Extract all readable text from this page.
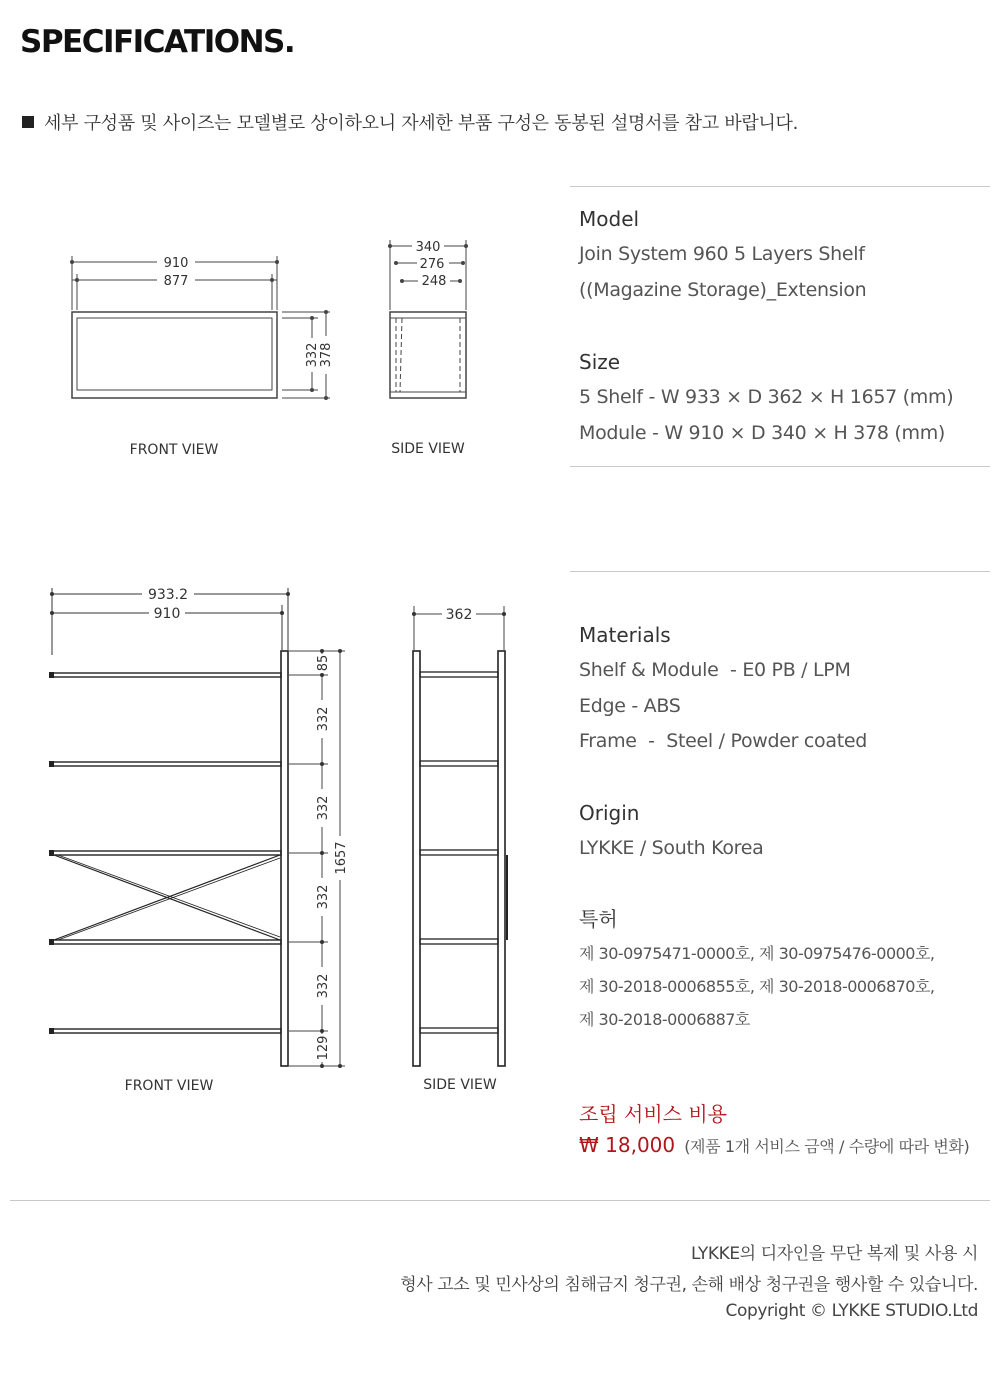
SPECIFICATIONS.
세부 구성품 및 사이즈는 모델별로 상이하오니 자세한 부품 구성은 동봉된 설명서를 참고 바랍니다.
910
877
332 378
340
276
248
FRONT VIEW	SIDE VIEW
933.2
910
85
332
332
332
332
129
1657
362
FRONT VIEW	SIDE VIEW
Model
Join System 960 5 Layers Shelf
((Magazine Storage)_Extension
Size
5 Shelf - W 933 × D 362 × H 1657 (mm)
Module - W 910 × D 340 × H 378 (mm)
Materials
Shelf & Module  - E0 PB / LPM
Edge - ABS
Frame  -  Steel / Powder coated
Origin
LYKKE / South Korea
특허
제 30-0975471-0000호, 제 30-0975476-0000호,
제 30-2018-0006855호, 제 30-2018-0006870호,
제 30-2018-0006887호
조립 서비스 비용
₩ 18,000 (제품 1개 서비스 금액 / 수량에 따라 변화)
LYKKE의 디자인을 무단 복제 및 사용 시
형사 고소 및 민사상의 침해금지 청구권, 손해 배상 청구권을 행사할 수 있습니다.
Copyright © LYKKE STUDIO.Ltd
